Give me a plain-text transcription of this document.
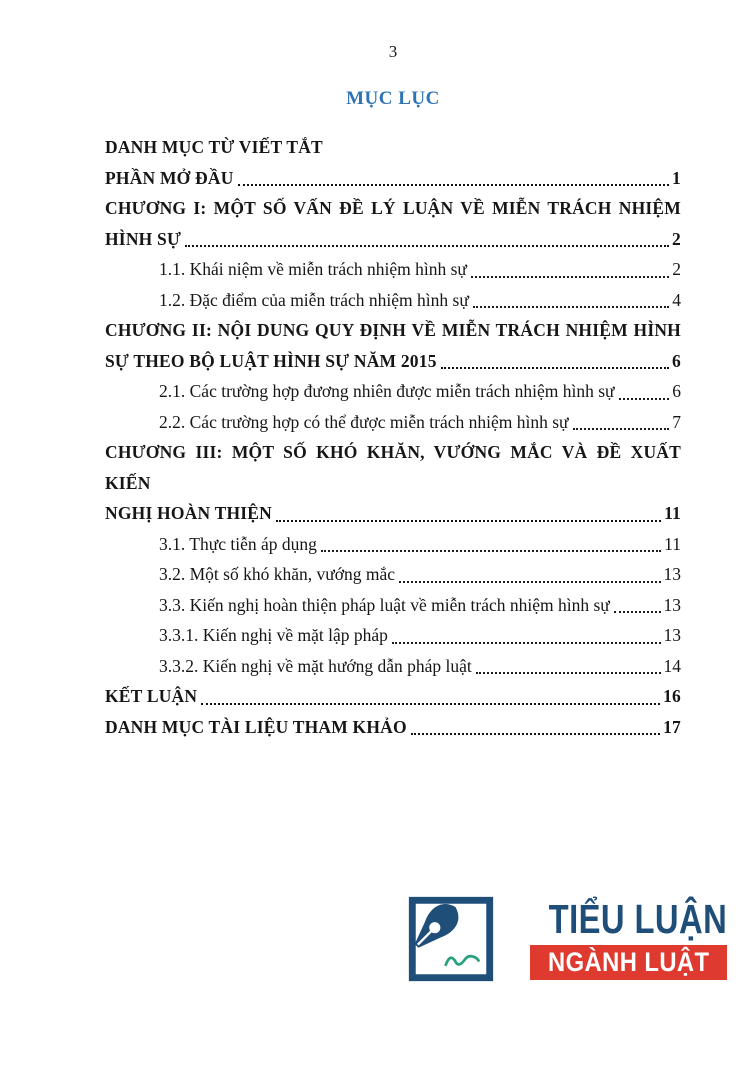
3
MỤC LỤC
DANH MỤC TỪ VIẾT TẮT
PHẦN MỞ ĐẦU	1
CHƯƠNG I: MỘT SỐ VẤN ĐỀ LÝ LUẬN VỀ MIỄN TRÁCH NHIỆM
HÌNH SỰ	2
1.1. Khái niệm về miễn trách nhiệm hình sự	2
1.2. Đặc điểm của miễn trách nhiệm hình sự	4
CHƯƠNG II: NỘI DUNG QUY ĐỊNH VỀ MIỄN TRÁCH NHIỆM HÌNH
SỰ THEO BỘ LUẬT HÌNH SỰ NĂM 2015	6
2.1. Các trường hợp đương nhiên được miễn trách nhiệm hình sự	6
2.2. Các trường hợp có thể được miễn trách nhiệm hình sự	7
CHƯƠNG III: MỘT SỐ KHÓ KHĂN, VƯỚNG MẮC VÀ ĐỀ XUẤT KIẾN
NGHỊ HOÀN THIỆN	11
3.1. Thực tiễn áp dụng	11
3.2. Một số khó khăn, vướng mắc	13
3.3. Kiến nghị hoàn thiện pháp luật về miễn trách nhiệm hình sự	13
3.3.1. Kiến nghị về mặt lập pháp	13
3.3.2. Kiến nghị về mặt hướng dẫn pháp luật	14
KẾT LUẬN	16
DANH MỤC TÀI LIỆU THAM KHẢO	17
TIỂU LUẬN
NGÀNH LUẬT
